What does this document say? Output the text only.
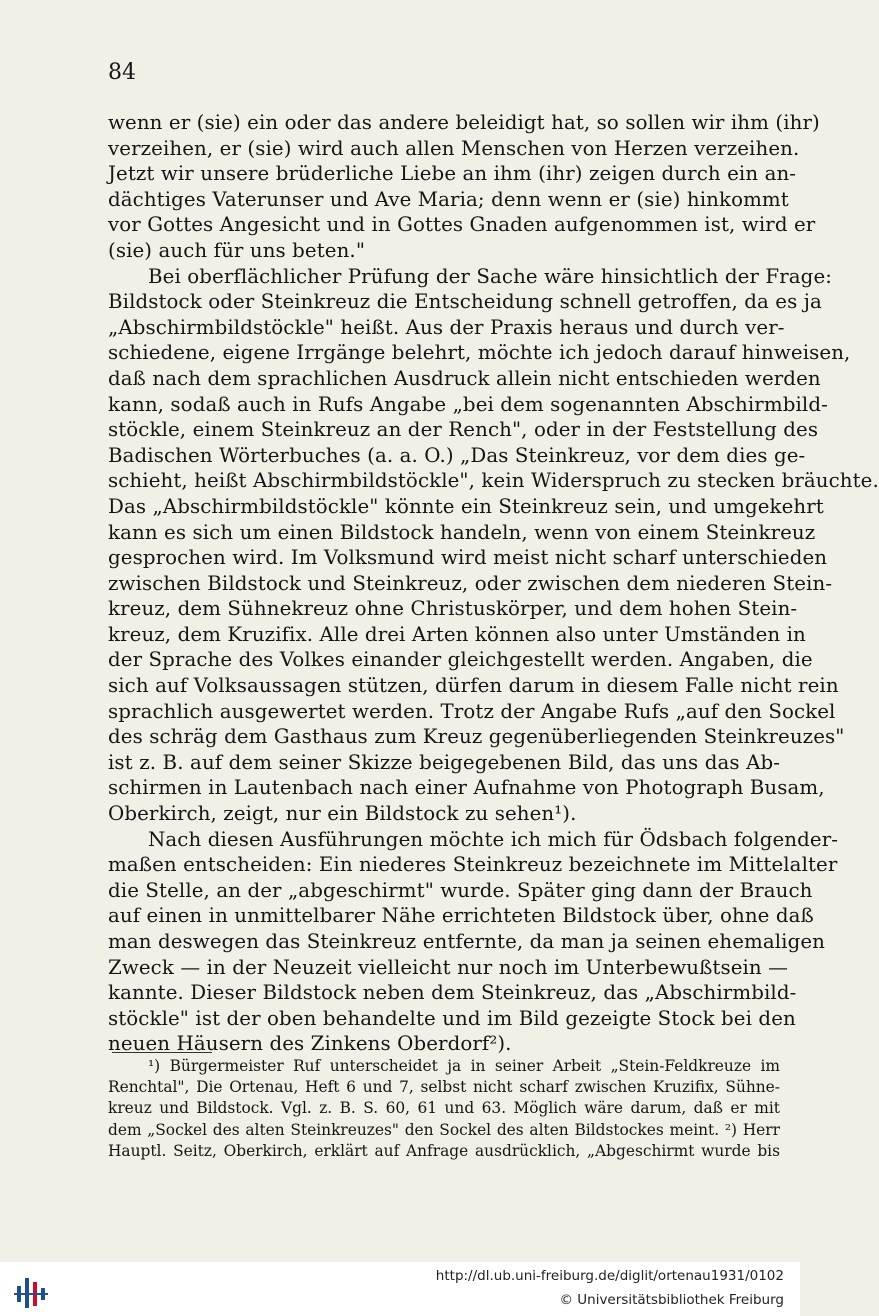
84
wenn er (sie) ein oder das andere beleidigt hat, so sollen wir ihm (ihr)
verzeihen, er (sie) wird auch allen Menschen von Herzen verzeihen.
Jetzt wir unsere brüderliche Liebe an ihm (ihr) zeigen durch ein an-
dächtiges Vaterunser und Ave Maria; denn wenn er (sie) hinkommt
vor Gottes Angesicht und in Gottes Gnaden aufgenommen ist, wird er
(sie) auch für uns beten."
Bei oberflächlicher Prüfung der Sache wäre hinsichtlich der Frage:
Bildstock oder Steinkreuz die Entscheidung schnell getroffen, da es ja
„Abschirmbildstöckle" heißt. Aus der Praxis heraus und durch ver-
schiedene, eigene Irrgänge belehrt, möchte ich jedoch darauf hinweisen,
daß nach dem sprachlichen Ausdruck allein nicht entschieden werden
kann, sodaß auch in Rufs Angabe „bei dem sogenannten Abschirmbild-
stöckle, einem Steinkreuz an der Rench", oder in der Feststellung des
Badischen Wörterbuches (a. a. O.) „Das Steinkreuz, vor dem dies ge-
schieht, heißt Abschirmbildstöckle", kein Widerspruch zu stecken bräuchte.
Das „Abschirmbildstöckle" könnte ein Steinkreuz sein, und umgekehrt
kann es sich um einen Bildstock handeln, wenn von einem Steinkreuz
gesprochen wird. Im Volksmund wird meist nicht scharf unterschieden
zwischen Bildstock und Steinkreuz, oder zwischen dem niederen Stein-
kreuz, dem Sühnekreuz ohne Christuskörper, und dem hohen Stein-
kreuz, dem Kruzifix. Alle drei Arten können also unter Umständen in
der Sprache des Volkes einander gleichgestellt werden. Angaben, die
sich auf Volksaussagen stützen, dürfen darum in diesem Falle nicht rein
sprachlich ausgewertet werden. Trotz der Angabe Rufs „auf den Sockel
des schräg dem Gasthaus zum Kreuz gegenüberliegenden Steinkreuzes"
ist z. B. auf dem seiner Skizze beigegebenen Bild, das uns das Ab-
schirmen in Lautenbach nach einer Aufnahme von Photograph Busam,
Oberkirch, zeigt, nur ein Bildstock zu sehen¹).
Nach diesen Ausführungen möchte ich mich für Ödsbach folgender-
maßen entscheiden: Ein niederes Steinkreuz bezeichnete im Mittelalter
die Stelle, an der „abgeschirmt" wurde. Später ging dann der Brauch
auf einen in unmittelbarer Nähe errichteten Bildstock über, ohne daß
man deswegen das Steinkreuz entfernte, da man ja seinen ehemaligen
Zweck — in der Neuzeit vielleicht nur noch im Unterbewußtsein —
kannte. Dieser Bildstock neben dem Steinkreuz, das „Abschirmbild-
stöckle" ist der oben behandelte und im Bild gezeigte Stock bei den
neuen Häusern des Zinkens Oberdorf²).
¹) Bürgermeister Ruf unterscheidet ja in seiner Arbeit „Stein-Feldkreuze im
Renchtal", Die Ortenau, Heft 6 und 7, selbst nicht scharf zwischen Kruzifix, Sühne-
kreuz und Bildstock. Vgl. z. B. S. 60, 61 und 63. Möglich wäre darum, daß er mit
dem „Sockel des alten Steinkreuzes" den Sockel des alten Bildstockes meint. ²) Herr
Hauptl. Seitz, Oberkirch, erklärt auf Anfrage ausdrücklich, „Abgeschirmt wurde bis
http://dl.ub.uni-freiburg.de/diglit/ortenau1931/0102
© Universitätsbibliothek Freiburg
